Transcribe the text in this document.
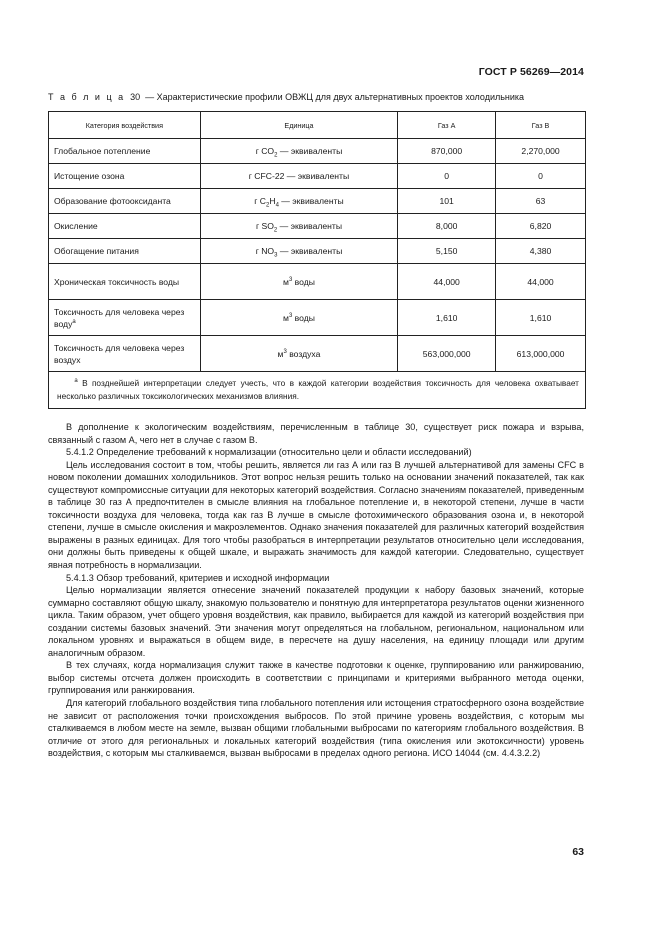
ГОСТ Р 56269—2014
Т а б л и ц а 30 — Характеристические профили ОВЖЦ для двух альтернативных проектов холодильника
Категория воздействия	Единица	Газ А	Газ В
Глобальное потепление	г $CO_2$ — эквиваленты	870,000	2,270,000
Истощение озона	г CFC-22 — эквиваленты	0	0
Образование фотооксиданта	г $C_2H_4$ — эквиваленты	101	63
Окисление	г $SO_2$ — эквиваленты	8,000	6,820
Обогащение питания	г $NO_3$ — эквиваленты	5,150	4,380
Хроническая токсичность воды	$м^3$ воды	44,000	44,000
Токсичность для человека через воду$^a$	$м^3$ воды	1,610	1,610
Токсичность для человека через воздух	$м^3$ воздуха	563,000,000	613,000,000
$^a$ В позднейшей интерпретации следует учесть, что в каждой категории воздействия токсичность для человека охватывает несколько различных токсикологических механизмов влияния.			

В дополнение к экологическим воздействиям, перечисленным в таблице 30, существует риск пожара и взрыва, связанный с газом А, чего нет в случае с газом В.

5.4.1.2 Определение требований к нормализации (относительно цели и области исследований)

Цель исследования состоит в том, чтобы решить, является ли газ А или газ В лучшей альтернативой для замены CFC в новом поколении домашних холодильников. Этот вопрос нельзя решить только на основании значений показателей, так как существуют компромиссные ситуации для некоторых категорий воздействия. Согласно значениям показателей, приведенным в таблице 30 газ А предпочтителен в смысле влияния на глобальное потепление и, в некоторой степени, лучше в части токсичности воздуха для человека, тогда как газ В лучше в смысле фотохимического образования озона и, в некоторой степени, лучше в смысле окисления и макроэлементов. Однако значения показателей для различных категорий воздействия выражены в разных единицах. Для того чтобы разобраться в интерпретации результатов относительно цели исследования, они должны быть приведены к общей шкале, и выражать значимость для каждой категории. Следовательно, существует явная потребность в нормализации.

5.4.1.3 Обзор требований, критериев и исходной информации

Целью нормализации является отнесение значений показателей продукции к набору базовых значений, которые суммарно составляют общую шкалу, знакомую пользователю и понятную для интерпретатора результатов оценки жизненного цикла. Таким образом, учет общего уровня воздействия, как правило, выбирается для каждой из категорий воздействия при создании системы базовых значений. Эти значения могут определяться на глобальном, региональном, национальном или локальном уровнях и выражаться в общем виде, в пересчете на душу населения, на единицу площади или другим аналогичным образом.

В тех случаях, когда нормализация служит также в качестве подготовки к оценке, группированию или ранжированию, выбор системы отсчета должен происходить в соответствии с принципами и критериями выбранного метода оценки, группирования или ранжирования.

Для категорий глобального воздействия типа глобального потепления или истощения стратосферного озона воздействие не зависит от расположения точки происхождения выбросов. По этой причине уровень воздействия, с которым мы сталкиваемся в любом месте на земле, вызван общими глобальными выбросами по категориям глобального воздействия. В отличие от этого для региональных и локальных категорий воздействия (типа окисления или экотоксичности) уровень воздействия, с которым мы сталкиваемся, вызван выбросами в пределах одного региона. ИСО 14044 (см. 4.4.3.2.2)

63
